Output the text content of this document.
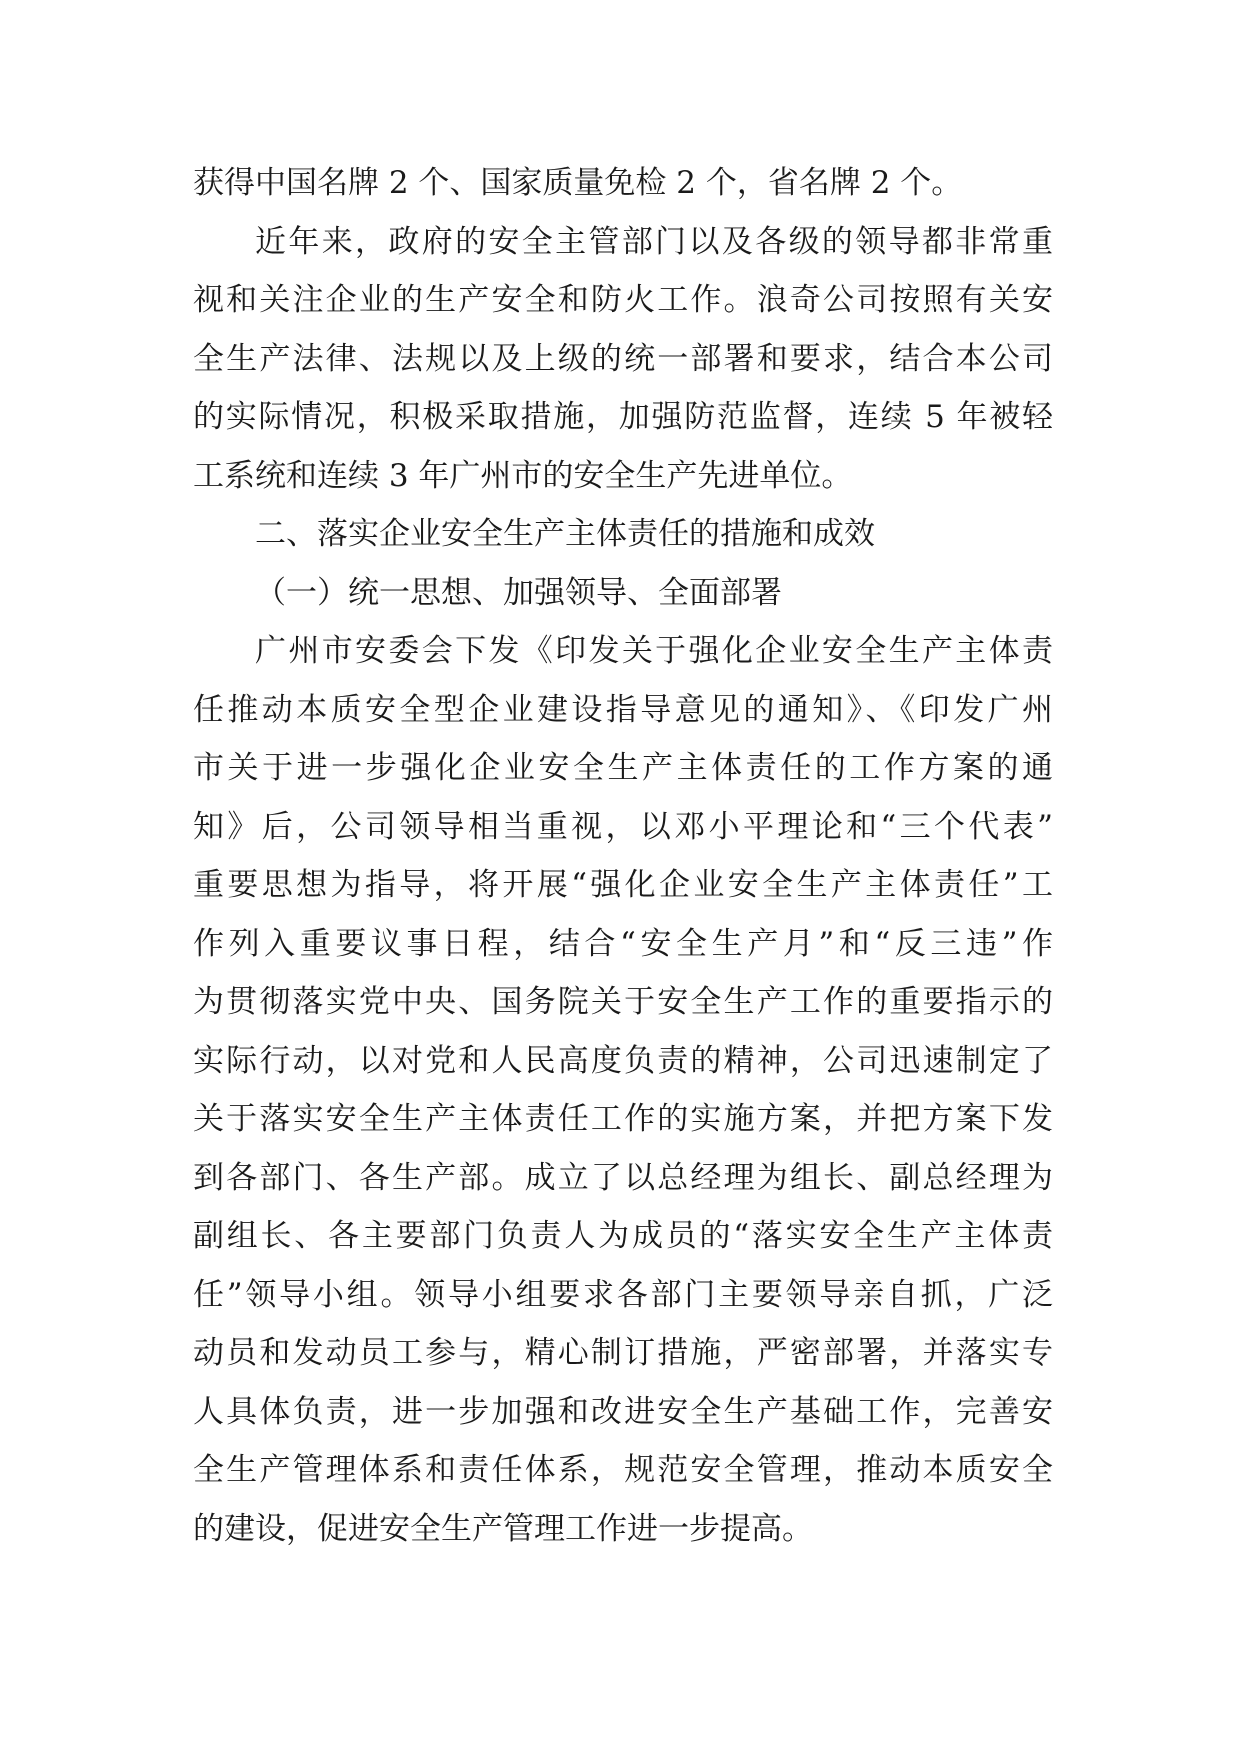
获得中国名牌 2 个、国家质量免检 2 个，省名牌 2 个。
近年来，政府的安全主管部门以及各级的领导都非常重
视和关注企业的生产安全和防火工作。浪奇公司按照有关安
全生产法律、法规以及上级的统一部署和要求，结合本公司
的实际情况，积极采取措施，加强防范监督，连续 5 年被轻
工系统和连续 3 年广州市的安全生产先进单位。
二、落实企业安全生产主体责任的措施和成效
（一）统一思想、加强领导、全面部署
广州市安委会下发《印发关于强化企业安全生产主体责
任推动本质安全型企业建设指导意见的通知》、《印发广州
市关于进一步强化企业安全生产主体责任的工作方案的通
知》后，公司领导相当重视，以邓小平理论和“三个代表”
重要思想为指导，将开展“强化企业安全生产主体责任”工
作列入重要议事日程，结合“安全生产月”和“反三违”作
为贯彻落实党中央、国务院关于安全生产工作的重要指示的
实际行动，以对党和人民高度负责的精神，公司迅速制定了
关于落实安全生产主体责任工作的实施方案，并把方案下发
到各部门、各生产部。成立了以总经理为组长、副总经理为
副组长、各主要部门负责人为成员的“落实安全生产主体责
任”领导小组。领导小组要求各部门主要领导亲自抓，广泛
动员和发动员工参与，精心制订措施，严密部署，并落实专
人具体负责，进一步加强和改进安全生产基础工作，完善安
全生产管理体系和责任体系，规范安全管理，推动本质安全
的建设，促进安全生产管理工作进一步提高。
